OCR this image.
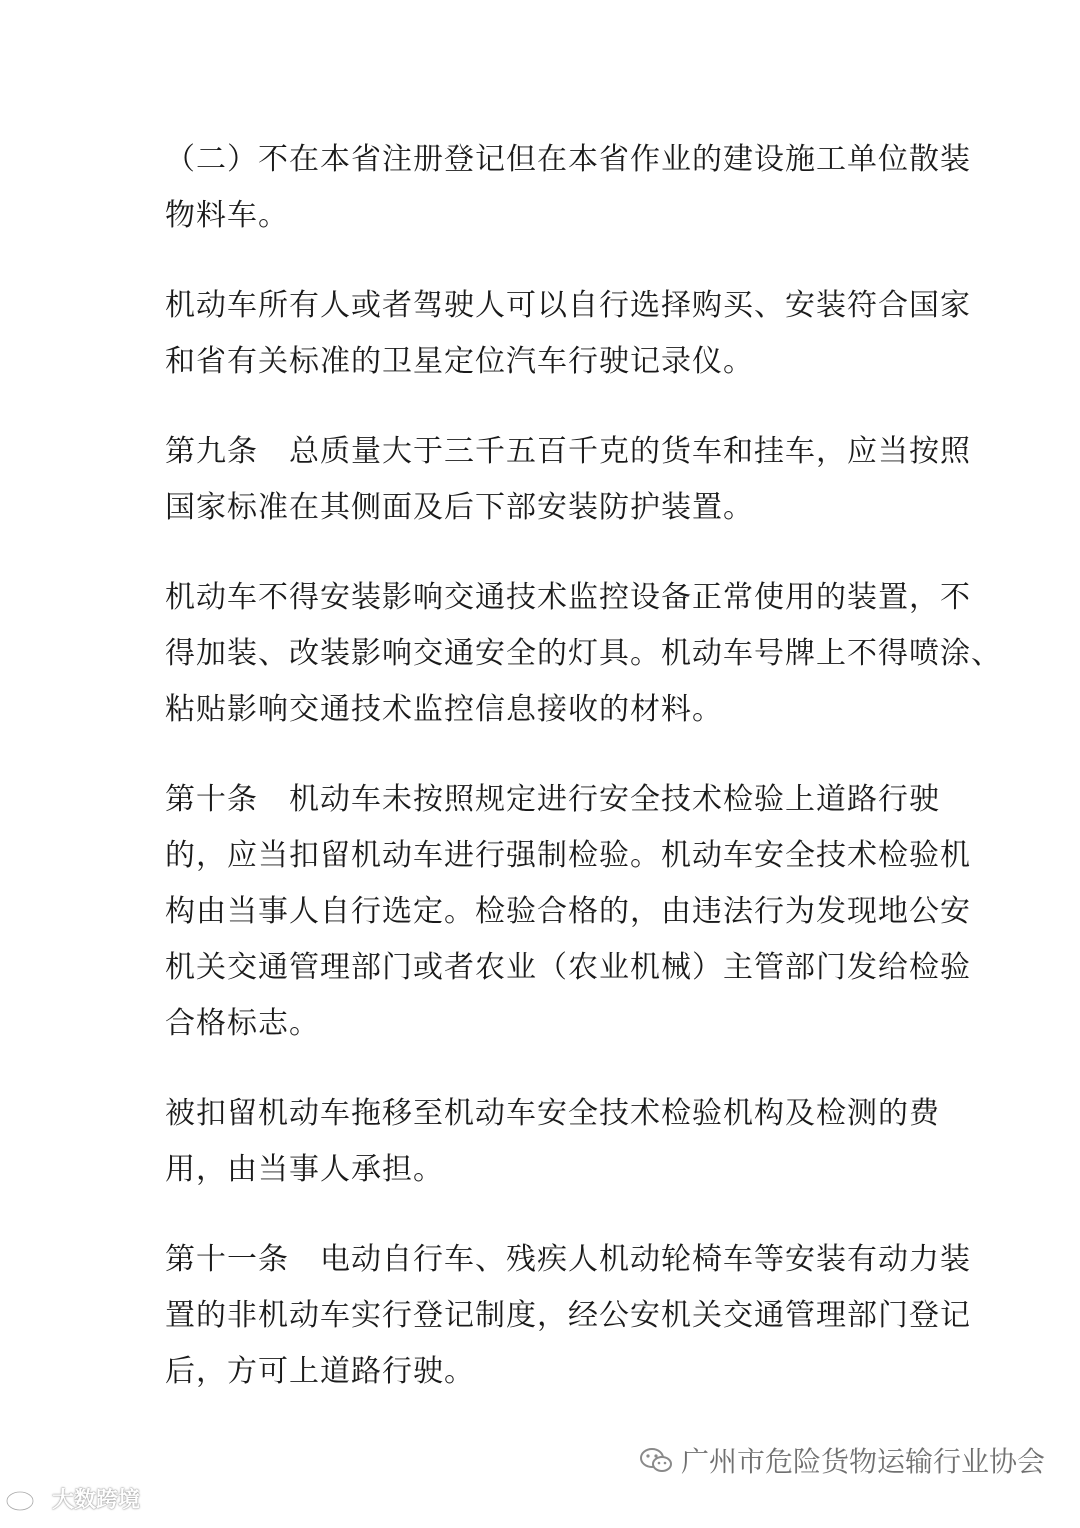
（二）不在本省注册登记但在本省作业的建设施工单位散装
物料车。

机动车所有人或者驾驶人可以自行选择购买、安装符合国家
和省有关标准的卫星定位汽车行驶记录仪。

第九条　总质量大于三千五百千克的货车和挂车，应当按照
国家标准在其侧面及后下部安装防护装置。

机动车不得安装影响交通技术监控设备正常使用的装置，不
得加装、改装影响交通安全的灯具。机动车号牌上不得喷涂、
粘贴影响交通技术监控信息接收的材料。

第十条　机动车未按照规定进行安全技术检验上道路行驶
的，应当扣留机动车进行强制检验。机动车安全技术检验机
构由当事人自行选定。检验合格的，由违法行为发现地公安
机关交通管理部门或者农业（农业机械）主管部门发给检验
合格标志。

被扣留机动车拖移至机动车安全技术检验机构及检测的费
用，由当事人承担。

第十一条　电动自行车、残疾人机动轮椅车等安装有动力装
置的非机动车实行登记制度，经公安机关交通管理部门登记
后，方可上道路行驶。

广州市危险货物运输行业协会
大数跨境
